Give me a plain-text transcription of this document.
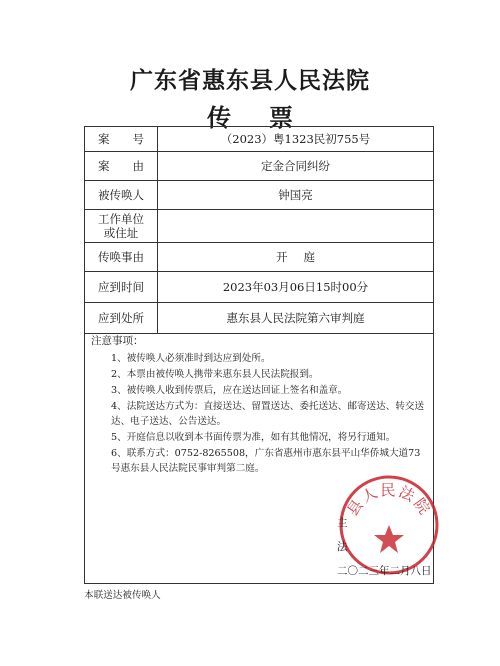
广东省惠东县人民法院
传票
案　　号	（2023）粤1323民初755号
案　　由	定金合同纠纷
被传唤人	钟国亮
工作单位或住址
传唤事由	开庭
应到时间	2023年03月06日15时00分
应到处所	惠东县人民法院第六审判庭
注意事项：
1、被传唤人必须准时到达应到处所。
2、本票由被传唤人携带来惠东县人民法院报到。
3、被传唤人收到传票后，应在送达回证上签名和盖章。
4、法院送达方式为：直接送达、留置送达、委托送达、邮寄送达、转交送达、电子送达、公告送达。
5、开庭信息以收到本书面传票为准，如有其他情况，将另行通知。
6、联系方式：0752-8265508，广东省惠州市惠东县平山华侨城大道73号惠东县人民法院民事审判第二庭。
县人民法院
主
法
二〇二三年二月八日
本联送达被传唤人
